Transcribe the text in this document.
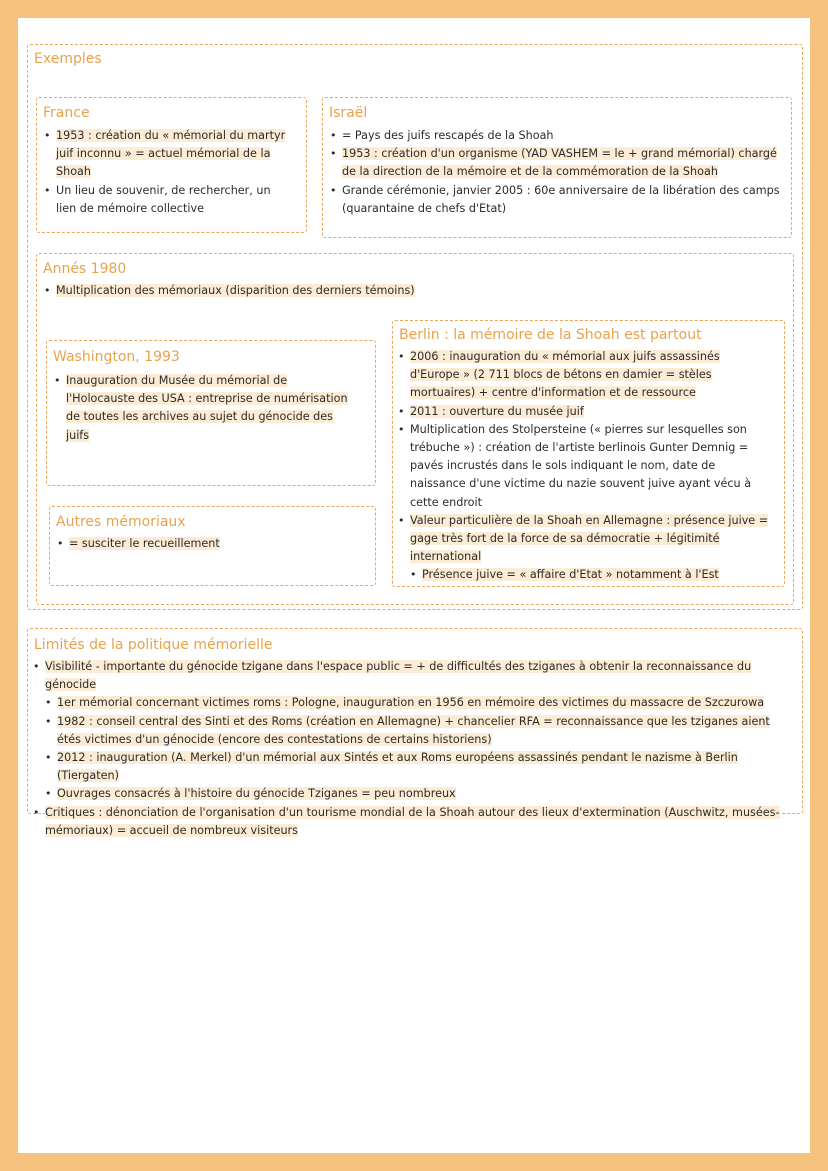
Exemples
France
• 1953 : création du « mémorial du martyr juif inconnu » = actuel mémorial de la Shoah
• Un lieu de souvenir, de rechercher, un lien de mémoire collective
Israël
• = Pays des juifs rescapés de la Shoah
• 1953 : création d'un organisme (YAD VASHEM = le + grand mémorial) chargé de la direction de la mémoire et de la commémoration de la Shoah
• Grande cérémonie, janvier 2005 : 60e anniversaire de la libération des camps (quarantaine de chefs d'Etat)
Annés 1980
• Multiplication des mémoriaux (disparition des derniers témoins)
Washington, 1993
• Inauguration du Musée du mémorial de l'Holocauste des USA : entreprise de numérisation de toutes les archives au sujet du génocide des juifs
Autres mémoriaux
• = susciter le recueillement
Berlin : la mémoire de la Shoah est partout
• 2006 : inauguration du « mémorial aux juifs assassinés d'Europe » (2 711 blocs de bétons en damier = stèles mortuaires) + centre d'information et de ressource
• 2011 : ouverture du musée juif
• Multiplication des Stolpersteine (« pierres sur lesquelles son trébuche ») : création de l'artiste berlinois Gunter Demnig = pavés incrustés dans le sols indiquant le nom, date de naissance d'une victime du nazie souvent juive ayant vécu à cette endroit
• Valeur particulière de la Shoah en Allemagne : présence juive = gage très fort de la force de sa démocratie + légitimité international
• Présence juive = « affaire d'Etat » notamment à l'Est
Limités de la politique mémorielle
• Visibilité - importante du génocide tzigane dans l'espace public = + de difficultés des tziganes à obtenir la reconnaissance du génocide
• 1er mémorial concernant victimes roms : Pologne, inauguration en 1956 en mémoire des victimes du massacre de Szczurowa
• 1982 : conseil central des Sinti et des Roms (création en Allemagne) + chancelier RFA = reconnaissance que les tziganes aient étés victimes d'un génocide (encore des contestations de certains historiens)
• 2012 : inauguration (A. Merkel) d'un mémorial aux Sintés et aux Roms européens assassinés pendant le nazisme à Berlin (Tiergaten)
• Ouvrages consacrés à l'histoire du génocide Tziganes = peu nombreux
• Critiques : dénonciation de l'organisation d'un tourisme mondial de la Shoah autour des lieux d'extermination (Auschwitz, musées-mémoriaux) = accueil de nombreux visiteurs
